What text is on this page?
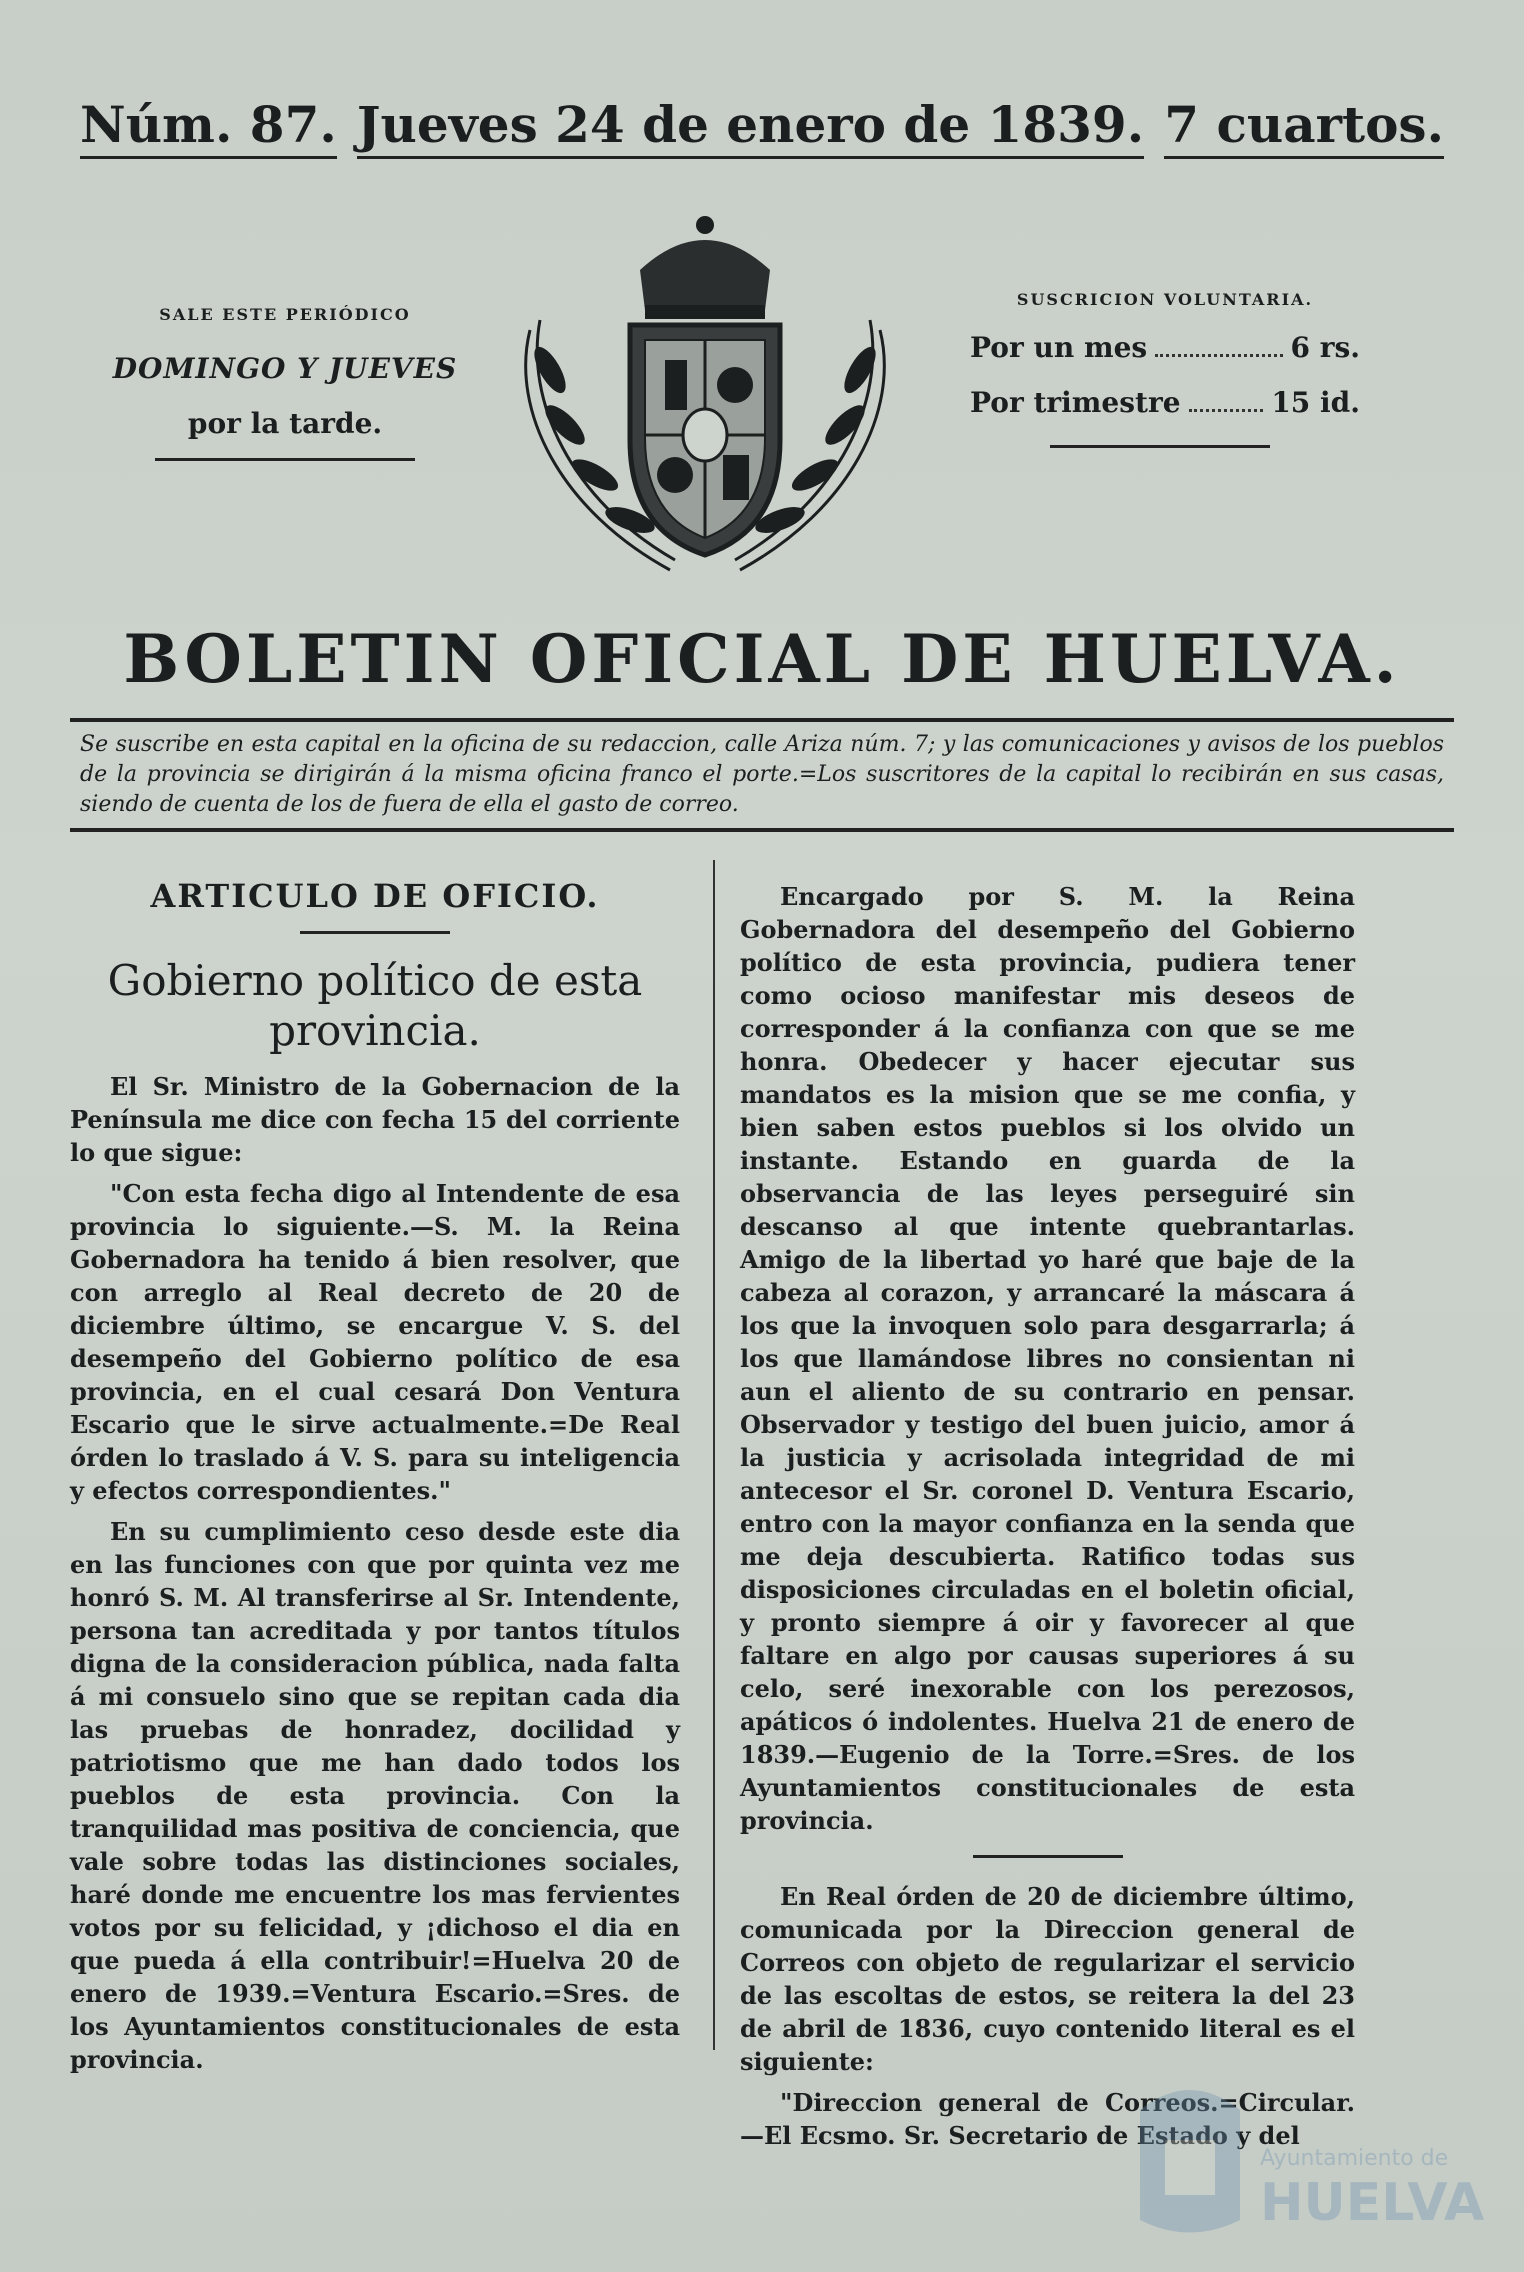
Núm. 87. Jueves 24 de enero de 1839. 7 cuartos.
SALE ESTE PERIÓDICO
DOMINGO Y JUEVES
por la tarde.
SUSCRICION VOLUNTARIA.
Por un mes	6 rs.
Por trimestre	15 id.
BOLETIN OFICIAL DE HUELVA.
Se suscribe en esta capital en la oficina de su redaccion, calle Ariza núm. 7; y las comunicaciones y avisos de los pueblos de la provincia se dirigirán á la misma oficina franco el porte.=Los suscritores de la capital lo recibirán en sus casas, siendo de cuenta de los de fuera de ella el gasto de correo.
ARTICULO DE OFICIO.
Gobierno político de esta provincia.

El Sr. Ministro de la Gobernacion de la Península me dice con fecha 15 del corriente lo que sigue:

"Con esta fecha digo al Intendente de esa provincia lo siguiente.—S. M. la Reina Gobernadora ha tenido á bien resolver, que con arreglo al Real decreto de 20 de diciembre último, se encargue V. S. del desempeño del Gobierno político de esa provincia, en el cual cesará Don Ventura Escario que le sirve actualmente.=De Real órden lo traslado á V. S. para su inteligencia y efectos correspondientes."

En su cumplimiento ceso desde este dia en las funciones con que por quinta vez me honró S. M. Al transferirse al Sr. Intendente, persona tan acreditada y por tantos títulos digna de la consideracion pública, nada falta á mi consuelo sino que se repitan cada dia las pruebas de honradez, docilidad y patriotismo que me han dado todos los pueblos de esta provincia. Con la tranquilidad mas positiva de conciencia, que vale sobre todas las distinciones sociales, haré donde me encuentre los mas fervientes votos por su felicidad, y ¡dichoso el dia en que pueda á ella contribuir!=Huelva 20 de enero de 1939.=Ventura Escario.=Sres. de los Ayuntamientos constitucionales de esta provincia.

Encargado por S. M. la Reina Gobernadora del desempeño del Gobierno político de esta provincia, pudiera tener como ocioso manifestar mis deseos de corresponder á la confianza con que se me honra. Obedecer y hacer ejecutar sus mandatos es la mision que se me confia, y bien saben estos pueblos si los olvido un instante. Estando en guarda de la observancia de las leyes perseguiré sin descanso al que intente quebrantarlas. Amigo de la libertad yo haré que baje de la cabeza al corazon, y arrancaré la máscara á los que la invoquen solo para desgarrarla; á los que llamándose libres no consientan ni aun el aliento de su contrario en pensar. Observador y testigo del buen juicio, amor á la justicia y acrisolada integridad de mi antecesor el Sr. coronel D. Ventura Escario, entro con la mayor confianza en la senda que me deja descubierta. Ratifico todas sus disposiciones circuladas en el boletin oficial, y pronto siempre á oir y favorecer al que faltare en algo por causas superiores á su celo, seré inexorable con los perezosos, apáticos ó indolentes. Huelva 21 de enero de 1839.—Eugenio de la Torre.=Sres. de los Ayuntamientos constitucionales de esta provincia.

En Real órden de 20 de diciembre último, comunicada por la Direccion general de Correos con objeto de regularizar el servicio de las escoltas de estos, se reitera la del 23 de abril de 1836, cuyo contenido literal es el siguiente:

"Direccion general de Correos.=Circular.—El Ecsmo. Sr. Secretario de Estado y del

Ayuntamiento de
HUELVA
